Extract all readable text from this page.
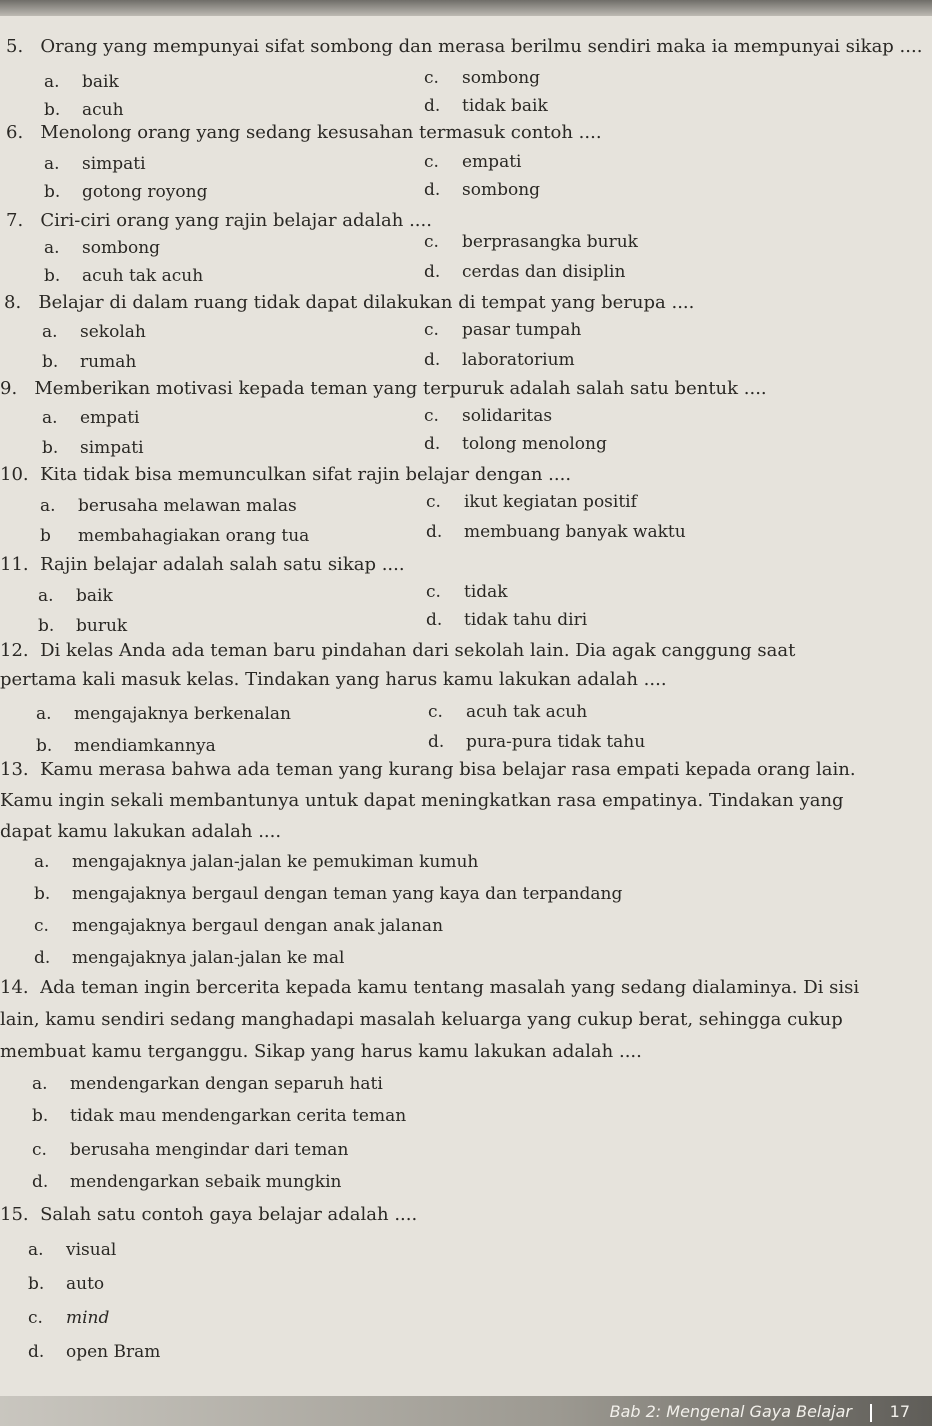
5. Orang yang mempunyai sifat sombong dan merasa berilmu sendiri maka ia mempunyai sikap ....
a. baik
b. acuh
c. sombong
d. tidak baik
6. Menolong orang yang sedang kesusahan termasuk contoh ....
a. simpati
b. gotong royong
c. empati
d. sombong
7. Ciri-ciri orang yang rajin belajar adalah ....
a. sombong
b. acuh tak acuh
c. berprasangka buruk
d. cerdas dan disiplin
8. Belajar di dalam ruang tidak dapat dilakukan di tempat yang berupa ....
a. sekolah
b. rumah
c. pasar tumpah
d. laboratorium
9. Memberikan motivasi kepada teman yang terpuruk adalah salah satu bentuk ....
a. empati
b. simpati
c. solidaritas
d. tolong menolong
10. Kita tidak bisa memunculkan sifat rajin belajar dengan ....
a. berusaha melawan malas
b membahagiakan orang tua
c. ikut kegiatan positif
d. membuang banyak waktu
11. Rajin belajar adalah salah satu sikap ....
a. baik
b. buruk
c. tidak
d. tidak tahu diri
12. Di kelas Anda ada teman baru pindahan dari sekolah lain. Dia agak canggung saat pertama kali masuk kelas. Tindakan yang harus kamu lakukan adalah ....
a. mengajaknya berkenalan
b. mendiamkannya
c. acuh tak acuh
d. pura-pura tidak tahu
13. Kamu merasa bahwa ada teman yang kurang bisa belajar rasa empati kepada orang lain. Kamu ingin sekali membantunya untuk dapat meningkatkan rasa empatinya. Tindakan yang dapat kamu lakukan adalah ....
a. mengajaknya jalan-jalan ke pemukiman kumuh
b. mengajaknya bergaul dengan teman yang kaya dan terpandang
c. mengajaknya bergaul dengan anak jalanan
d. mengajaknya jalan-jalan ke mal
14. Ada teman ingin bercerita kepada kamu tentang masalah yang sedang dialaminya. Di sisi lain, kamu sendiri sedang manghadapi masalah keluarga yang cukup berat, sehingga cukup membuat kamu terganggu. Sikap yang harus kamu lakukan adalah ....
a. mendengarkan dengan separuh hati
b. tidak mau mendengarkan cerita teman
c. berusaha mengindar dari teman
d. mendengarkan sebaik mungkin
15. Salah satu contoh gaya belajar adalah ....
a. visual
b. auto
c. mind
d. open Bram
Bab 2: Mengenal Gaya Belajar 17
